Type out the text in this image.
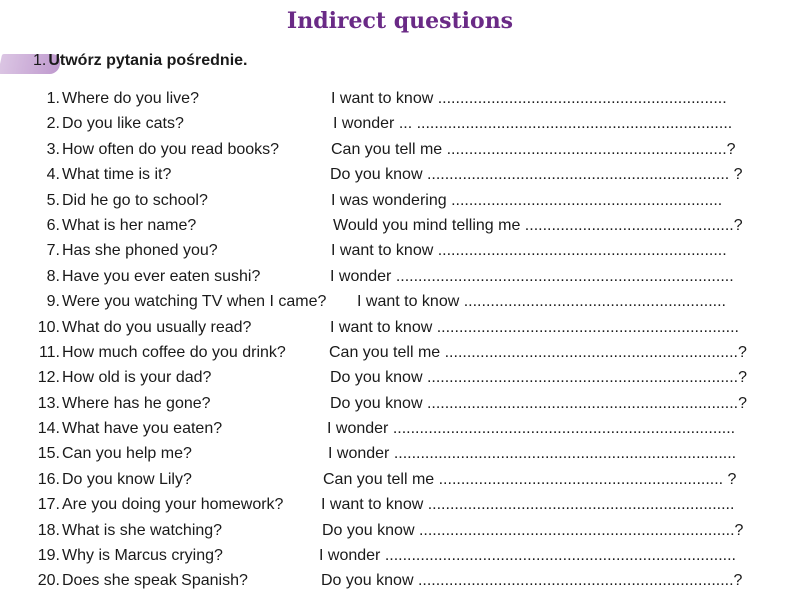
Indirect questions
1. Utwórz pytania pośrednie.
1. Where do you live?	I want to know .................................................................
2. Do you like cats?	I wonder ... .......................................................................
3. How often do you read books?	Can you tell me ...............................................................?
4. What time is it?	Do you know .................................................................... ?
5. Did he go to school?	I was wondering .............................................................
6. What is her name?	Would you mind telling me ...............................................?
7. Has she phoned you?	I want to know .................................................................
8. Have you ever eaten sushi?	I wonder ............................................................................
9. Were you watching TV when I came? I want to know ...........................................................
10. What do you usually read?	I want to know ....................................................................
11. How much coffee do you drink?	Can you tell me ..................................................................?
12. How old is your dad?	Do you know ......................................................................?
13. Where has he gone?	Do you know ......................................................................?
14. What have you eaten?	I wonder .............................................................................
15. Can you help me?	I wonder .............................................................................
16. Do you know Lily?	Can you tell me ................................................................ ?
17. Are you doing your homework? I want to know .....................................................................
18. What is she watching?	Do you know .......................................................................?
19. Why is Marcus crying?	I wonder ...............................................................................
20. Does she speak Spanish?	Do you know .......................................................................?
